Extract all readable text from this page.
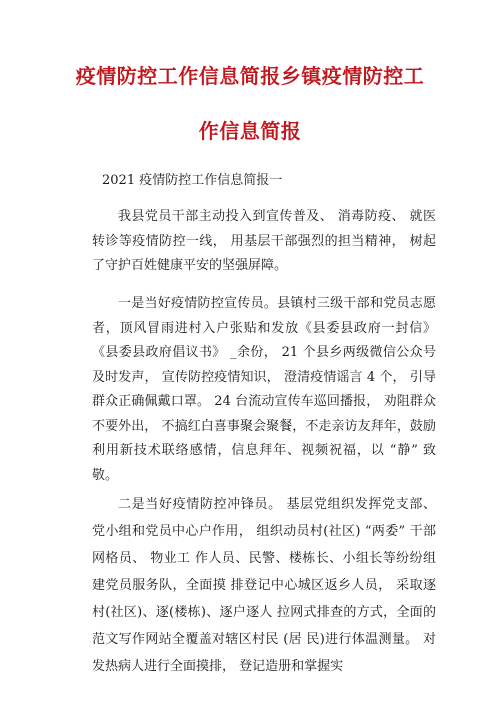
疫情防控工作信息简报乡镇疫情防控工
作信息简报

2021 疫情防控工作信息简报一

我县党员干部主动投入到宣传普及、 消毒防疫、 就医转诊等疫情防控一线， 用基层干部强烈的担当精神， 树起了守护百姓健康平安的坚强屏障。

一是当好疫情防控宣传员。县镇村三级干部和党员志愿者，顶风冒雨进村入户张贴和发放《县委县政府一封信》 《县委县政府倡议书》 _余份， 21 个县乡两级微信公众号及时发声， 宣传防控疫情知识， 澄清疫情谣言 4 个， 引导群众正确佩戴口罩。 24 台流动宣传车巡回播报， 劝阻群众不要外出， 不搞红白喜事聚会聚餐，不走亲访友拜年，鼓励利用新技术联络感情，信息拜年、视频祝福，以 “静” 致敬。

二是当好疫情防控冲锋员。 基层党组织发挥党支部、 党小组和党员中心户作用， 组织动员村(社区) “两委” 干部网格员、 物业工 作人员、民警、楼栋长、小组长等纷纷组建党员服务队，全面摸 排登记中心城区返乡人员， 采取逐村(社区)、逐(楼栋)、逐户逐人 拉网式排查的方式，全面的范文写作网站全覆盖对辖区村民 (居 民)进行体温测量。 对发热病人进行全面摸排， 登记造册和掌握实
